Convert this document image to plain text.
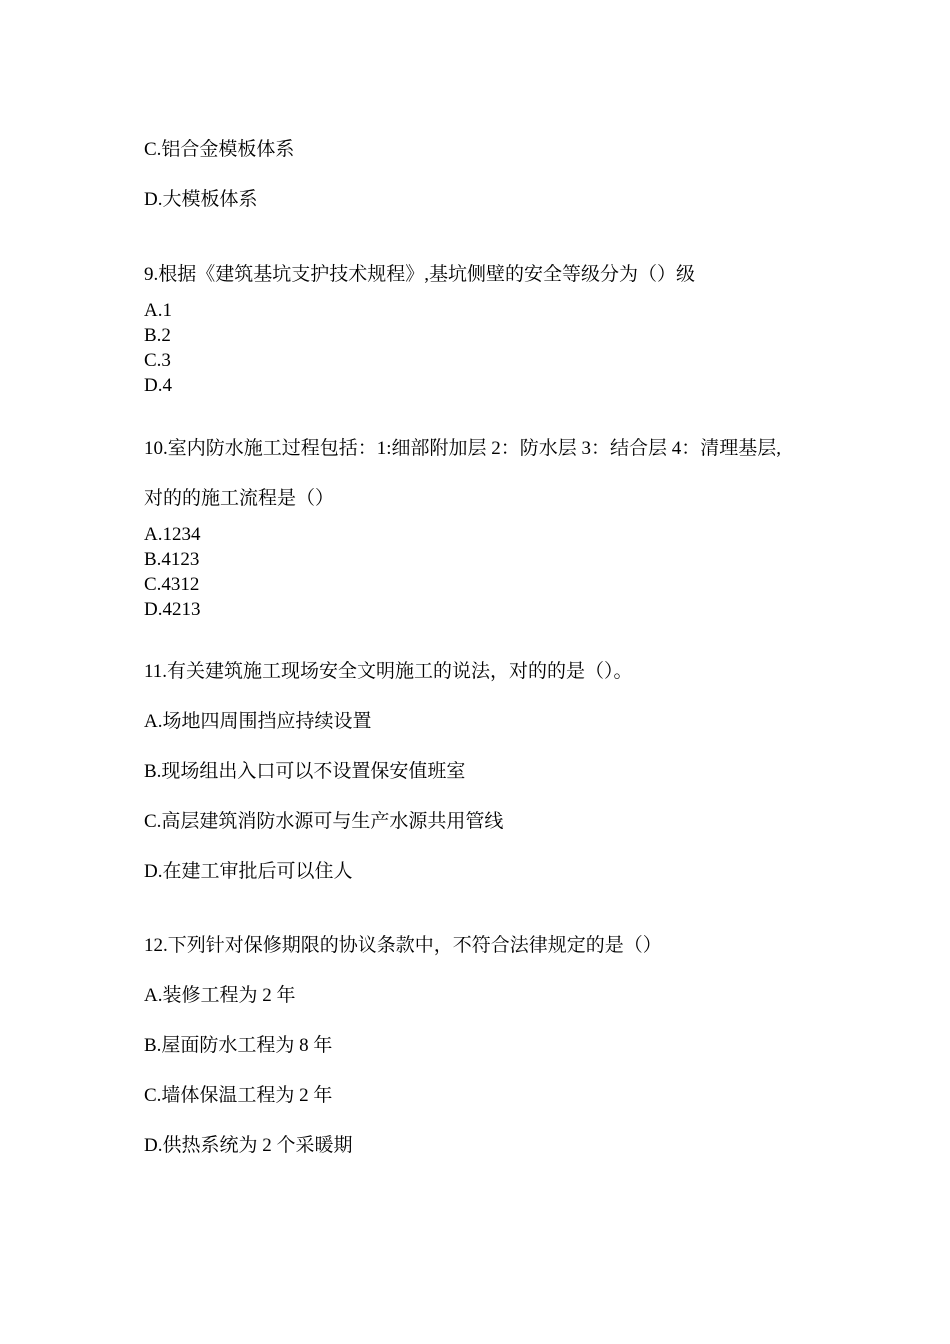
C.铝合金模板体系
D.大模板体系
9.根据《建筑基坑支护技术规程》,基坑侧壁的安全等级分为（）级
A.1
B.2
C.3
D.4
10.室内防水施工过程包括：1:细部附加层 2：防水层 3：结合层 4：清理基层,
对的的施工流程是（）
A.1234
B.4123
C.4312
D.4213
11.有关建筑施工现场安全文明施工的说法，对的的是（）。
A.场地四周围挡应持续设置
B.现场组出入口可以不设置保安值班室
C.高层建筑消防水源可与生产水源共用管线
D.在建工审批后可以住人
12.下列针对保修期限的协议条款中，不符合法律规定的是（）
A.装修工程为 2 年
B.屋面防水工程为 8 年
C.墙体保温工程为 2 年
D.供热系统为 2 个采暖期
